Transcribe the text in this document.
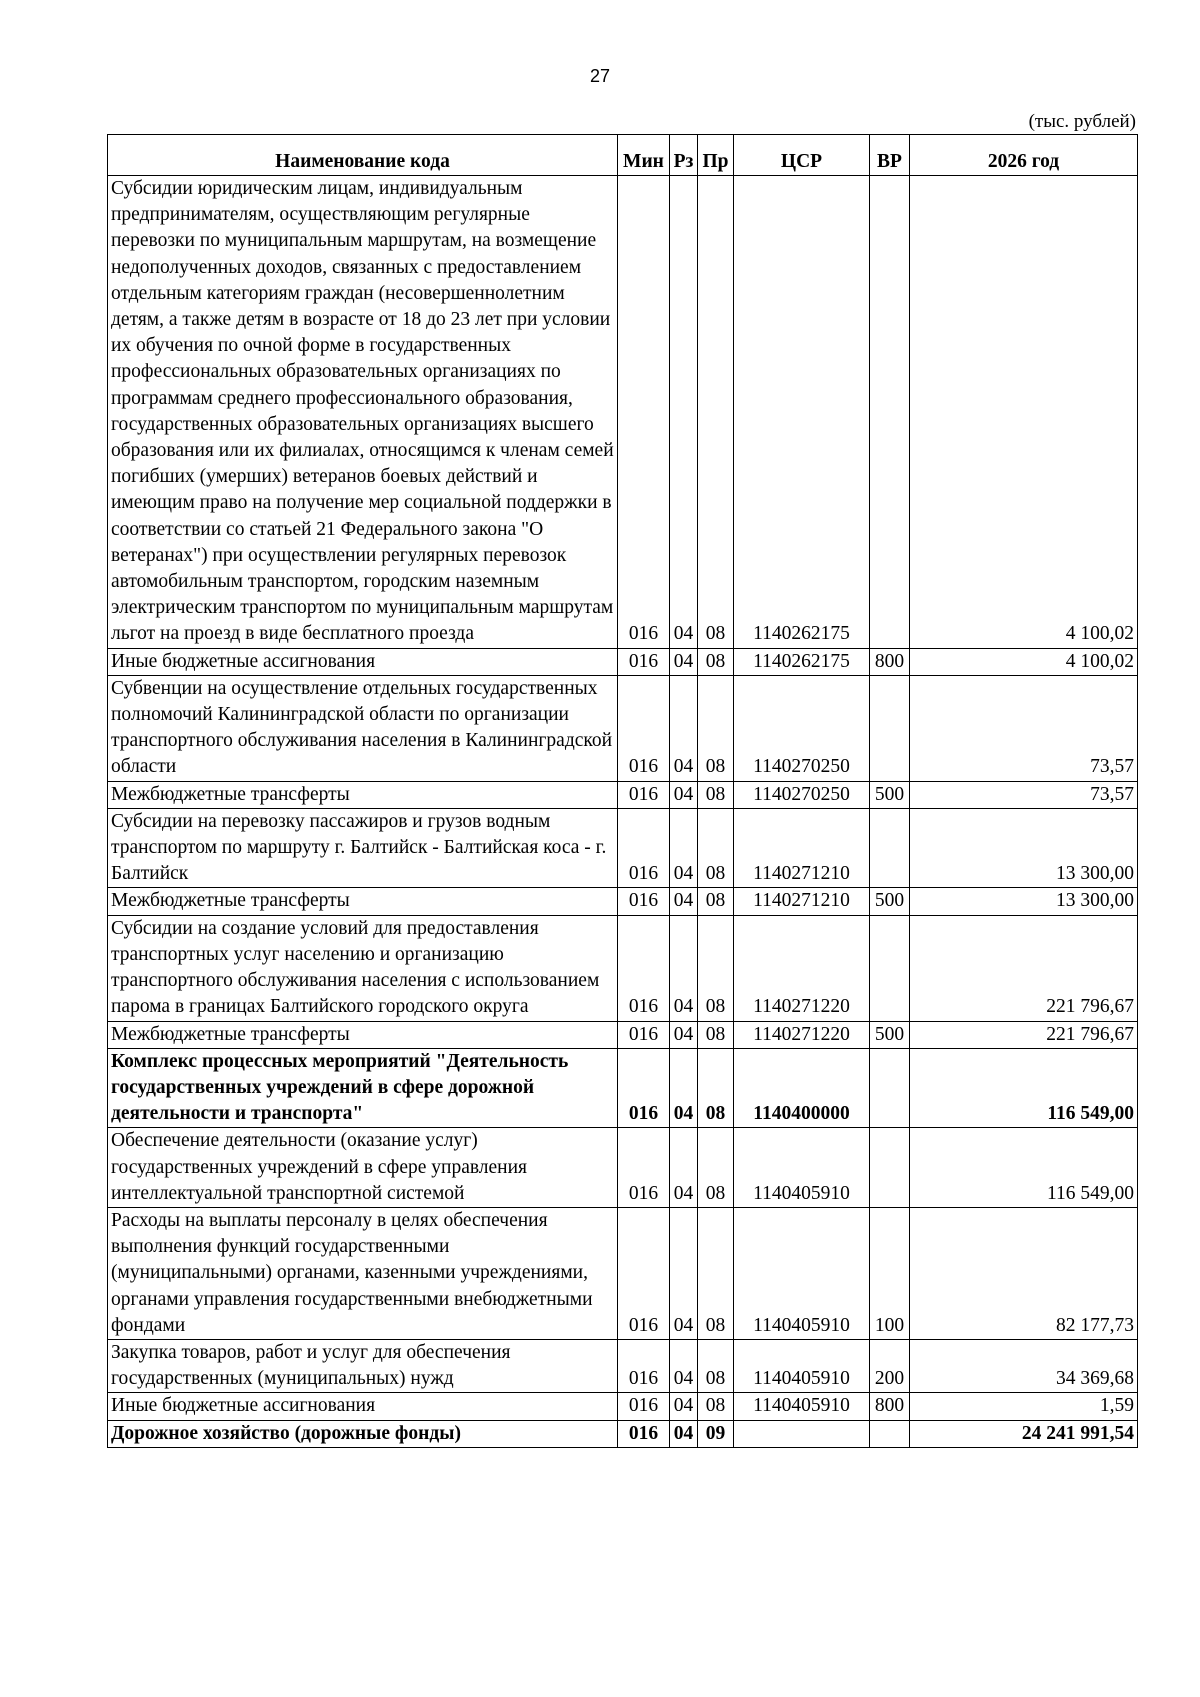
27
(тыс. рублей)
Наименование кода	Мин	Рз	Пр	ЦСР	ВР	2026 год
Субсидии юридическим лицам, индивидуальным предпринимателям, осуществляющим регулярные перевозки по муниципальным маршрутам, на возмещение недополученных доходов, связанных с предоставлением отдельным категориям граждан (несовершеннолетним детям, а также детям в возрасте от 18 до 23 лет при условии их обучения по очной форме в государственных профессиональных образовательных организациях по программам среднего профессионального образования, государственных образовательных организациях высшего образования или их филиалах, относящимся к членам семей погибших (умерших) ветеранов боевых действий и имеющим право на получение мер социальной поддержки в соответствии со статьей 21 Федерального закона "О ветеранах") при осуществлении регулярных перевозок автомобильным транспортом, городским наземным электрическим транспортом по муниципальным маршрутам льгот на проезд в виде бесплатного проезда	016	04	08	1140262175		4 100,02
Иные бюджетные ассигнования	016	04	08	1140262175	800	4 100,02
Субвенции на осуществление отдельных государственных полномочий Калининградской области по организации транспортного обслуживания населения в Калининградской области	016	04	08	1140270250		73,57
Межбюджетные трансферты	016	04	08	1140270250	500	73,57
Субсидии на перевозку пассажиров и грузов водным транспортом по маршруту г. Балтийск - Балтийская коса - г. Балтийск	016	04	08	1140271210		13 300,00
Межбюджетные трансферты	016	04	08	1140271210	500	13 300,00
Субсидии на создание условий для предоставления транспортных услуг населению и организацию транспортного обслуживания населения с использованием парома в границах Балтийского городского округа	016	04	08	1140271220		221 796,67
Межбюджетные трансферты	016	04	08	1140271220	500	221 796,67
Комплекс процессных мероприятий "Деятельность государственных учреждений в сфере дорожной деятельности и транспорта"	016	04	08	1140400000		116 549,00
Обеспечение деятельности (оказание услуг) государственных учреждений в сфере управления интеллектуальной транспортной системой	016	04	08	1140405910		116 549,00
Расходы на выплаты персоналу в целях обеспечения выполнения функций государственными (муниципальными) органами, казенными учреждениями, органами управления государственными внебюджетными фондами	016	04	08	1140405910	100	82 177,73
Закупка товаров, работ и услуг для обеспечения государственных (муниципальных) нужд	016	04	08	1140405910	200	34 369,68
Иные бюджетные ассигнования	016	04	08	1140405910	800	1,59
Дорожное хозяйство (дорожные фонды)	016	04	09			24 241 991,54
